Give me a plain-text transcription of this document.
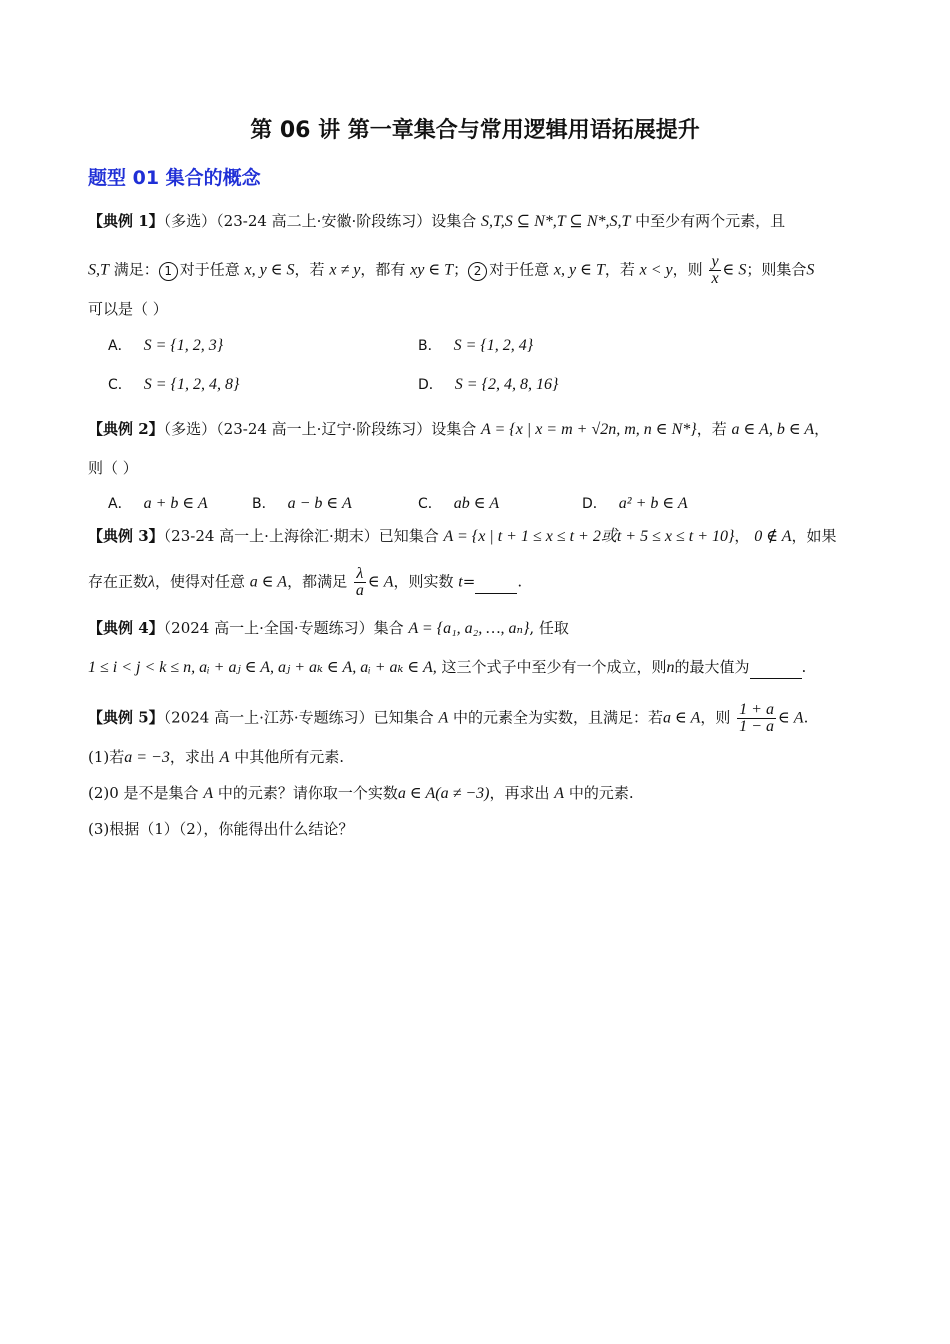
第 06 讲 第一章集合与常用逻辑用语拓展提升
题型 01 集合的概念
【典例 1】（多选）（23-24 高二上·安徽·阶段练习）设集合 S,T,S ⊆ N*,T ⊆ N*,S,T 中至少有两个元素，且
S,T 满足： 1 对于任意 x, y ∈ S，若 x ≠ y，都有 xy ∈ T； 2 对于任意 x, y ∈ T，若 x < y，则 $\frac{y}{x}$ ∈ S；则集合S
可以是（ ）
A． S = {1, 2, 3}	B． S = {1, 2, 4}
C． S = {1, 2, 4, 8}	D． S = {2, 4, 8, 16}
【典例 2】（多选）（23-24 高一上·辽宁·阶段练习）设集合 A = {x | x = m + √2n, m, n ∈ N*}，若 a ∈ A, b ∈ A，
则（ ）
A． a + b ∈ A	B． a − b ∈ A	C． ab ∈ A	D． a² + b ∈ A
【典例 3】（23-24 高一上·上海徐汇·期末）已知集合 A = {x | t + 1 ≤ x ≤ t + 2或t + 5 ≤ x ≤ t + 10}， 0 ∉ A，如果
存在正数λ，使得对任意 a ∈ A，都满足 $\frac{\lambda}{a}$ ∈ A，则实数 t=	.
【典例 4】（2024 高一上·全国·专题练习）集合 A = {a₁, a₂, …, aₙ}, 任取
1 ≤ i < j < k ≤ n, aᵢ + aⱼ ∈ A, aⱼ + aₖ ∈ A, aᵢ + aₖ ∈ A, 这三个式子中至少有一个成立，则n的最大值为	.
【典例 5】（2024 高一上·江苏·专题练习）已知集合 A 中的元素全为实数，且满足：若a ∈ A，则 $\frac{1 + a}{1 - a}$ ∈ A.
(1)若a = −3，求出 A 中其他所有元素.
(2)0 是不是集合 A 中的元素？请你取一个实数a ∈ A(a ≠ −3)，再求出 A 中的元素.
(3)根据（1）（2），你能得出什么结论？
